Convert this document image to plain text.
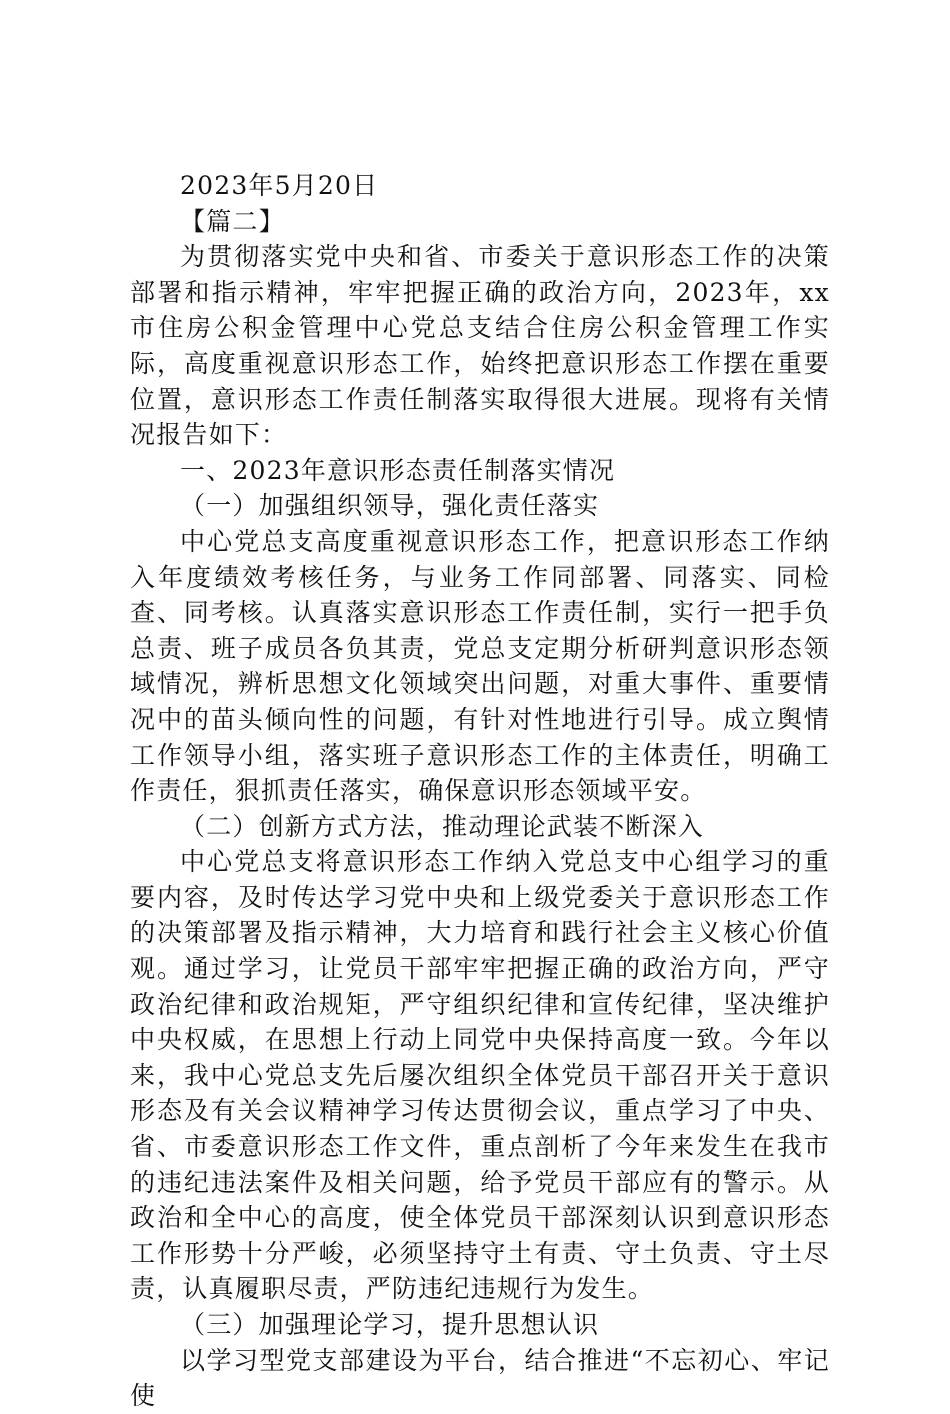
2023年5月20日

【篇二】

为贯彻落实党中央和省、市委关于意识形态工作的决策部署和指示精神，牢牢把握正确的政治方向，2023年，xx市住房公积金管理中心党总支结合住房公积金管理工作实际，高度重视意识形态工作，始终把意识形态工作摆在重要位置，意识形态工作责任制落实取得很大进展。现将有关情况报告如下：

一、2023年意识形态责任制落实情况

（一）加强组织领导，强化责任落实

中心党总支高度重视意识形态工作，把意识形态工作纳入年度绩效考核任务，与业务工作同部署、同落实、同检查、同考核。认真落实意识形态工作责任制，实行一把手负总责、班子成员各负其责，党总支定期分析研判意识形态领域情况，辨析思想文化领域突出问题，对重大事件、重要情况中的苗头倾向性的问题，有针对性地进行引导。成立舆情工作领导小组，落实班子意识形态工作的主体责任，明确工作责任，狠抓责任落实，确保意识形态领域平安。

（二）创新方式方法，推动理论武装不断深入

中心党总支将意识形态工作纳入党总支中心组学习的重要内容，及时传达学习党中央和上级党委关于意识形态工作的决策部署及指示精神，大力培育和践行社会主义核心价值观。通过学习，让党员干部牢牢把握正确的政治方向，严守政治纪律和政治规矩，严守组织纪律和宣传纪律，坚决维护中央权威，在思想上行动上同党中央保持高度一致。今年以来，我中心党总支先后屡次组织全体党员干部召开关于意识形态及有关会议精神学习传达贯彻会议，重点学习了中央、省、市委意识形态工作文件，重点剖析了今年来发生在我市的违纪违法案件及相关问题，给予党员干部应有的警示。从政治和全中心的高度，使全体党员干部深刻认识到意识形态工作形势十分严峻，必须坚持守土有责、守土负责、守土尽责，认真履职尽责，严防违纪违规行为发生。

（三）加强理论学习，提升思想认识

以学习型党支部建设为平台，结合推进“不忘初心、牢记使
